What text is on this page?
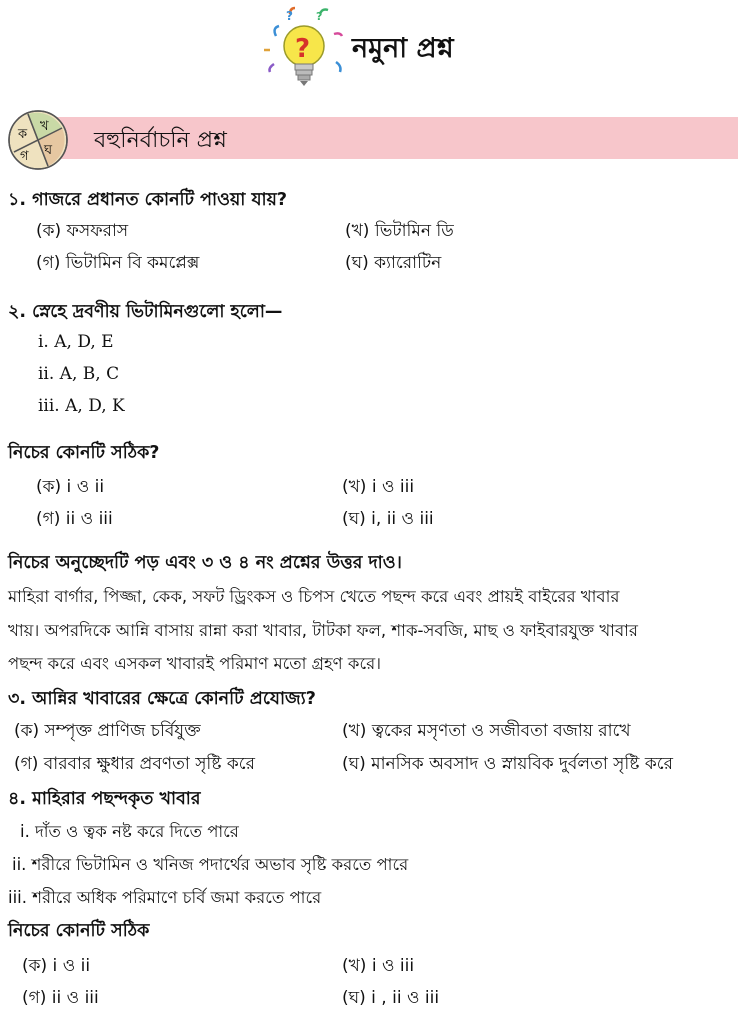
? ?
? নমুনা প্রশ্ন
বহুনির্বাচনি প্রশ্ন
ক
খ
গ ঘ
১. গাজরে প্রধানত কোনটি পাওয়া যায়?
(ক) ফসফরাস	(খ) ভিটামিন ডি
(গ) ভিটামিন বি কমপ্লেক্স	(ঘ) ক্যারোটিন
২. স্নেহে দ্রবণীয় ভিটামিনগুলো হলো—
i. A, D, E
ii. A, B, C
iii. A, D, K
নিচের কোনটি সঠিক?
(ক) i ও ii	(খ) i ও iii
(গ) ii ও iii	(ঘ) i, ii ও iii
নিচের অনুচ্ছেদটি পড় এবং ৩ ও ৪ নং প্রশ্নের উত্তর দাও।
মাহিরা বার্গার, পিজ্জা, কেক, সফট ড্রিংকস ও চিপস খেতে পছন্দ করে এবং প্রায়ই বাইরের খাবার
খায়। অপরদিকে আন্নি বাসায় রান্না করা খাবার, টাটকা ফল, শাক-সবজি, মাছ ও ফাইবারযুক্ত খাবার
পছন্দ করে এবং এসকল খাবারই পরিমাণ মতো গ্রহণ করে।
৩. আন্নির খাবারের ক্ষেত্রে কোনটি প্রযোজ্য?
(ক) সম্পৃক্ত প্রাণিজ চর্বিযুক্ত	(খ) ত্বকের মসৃণতা ও সজীবতা বজায় রাখে
(গ) বারবার ক্ষুধার প্রবণতা সৃষ্টি করে	(ঘ) মানসিক অবসাদ ও স্নায়বিক দুর্বলতা সৃষ্টি করে
৪. মাহিরার পছন্দকৃত খাবার
i. দাঁত ও ত্বক নষ্ট করে দিতে পারে
ii. শরীরে ভিটামিন ও খনিজ পদার্থের অভাব সৃষ্টি করতে পারে
iii. শরীরে অধিক পরিমাণে চর্বি জমা করতে পারে
নিচের কোনটি সঠিক
(ক) i ও ii	(খ) i ও iii
(গ) ii ও iii	(ঘ) i , ii ও iii
